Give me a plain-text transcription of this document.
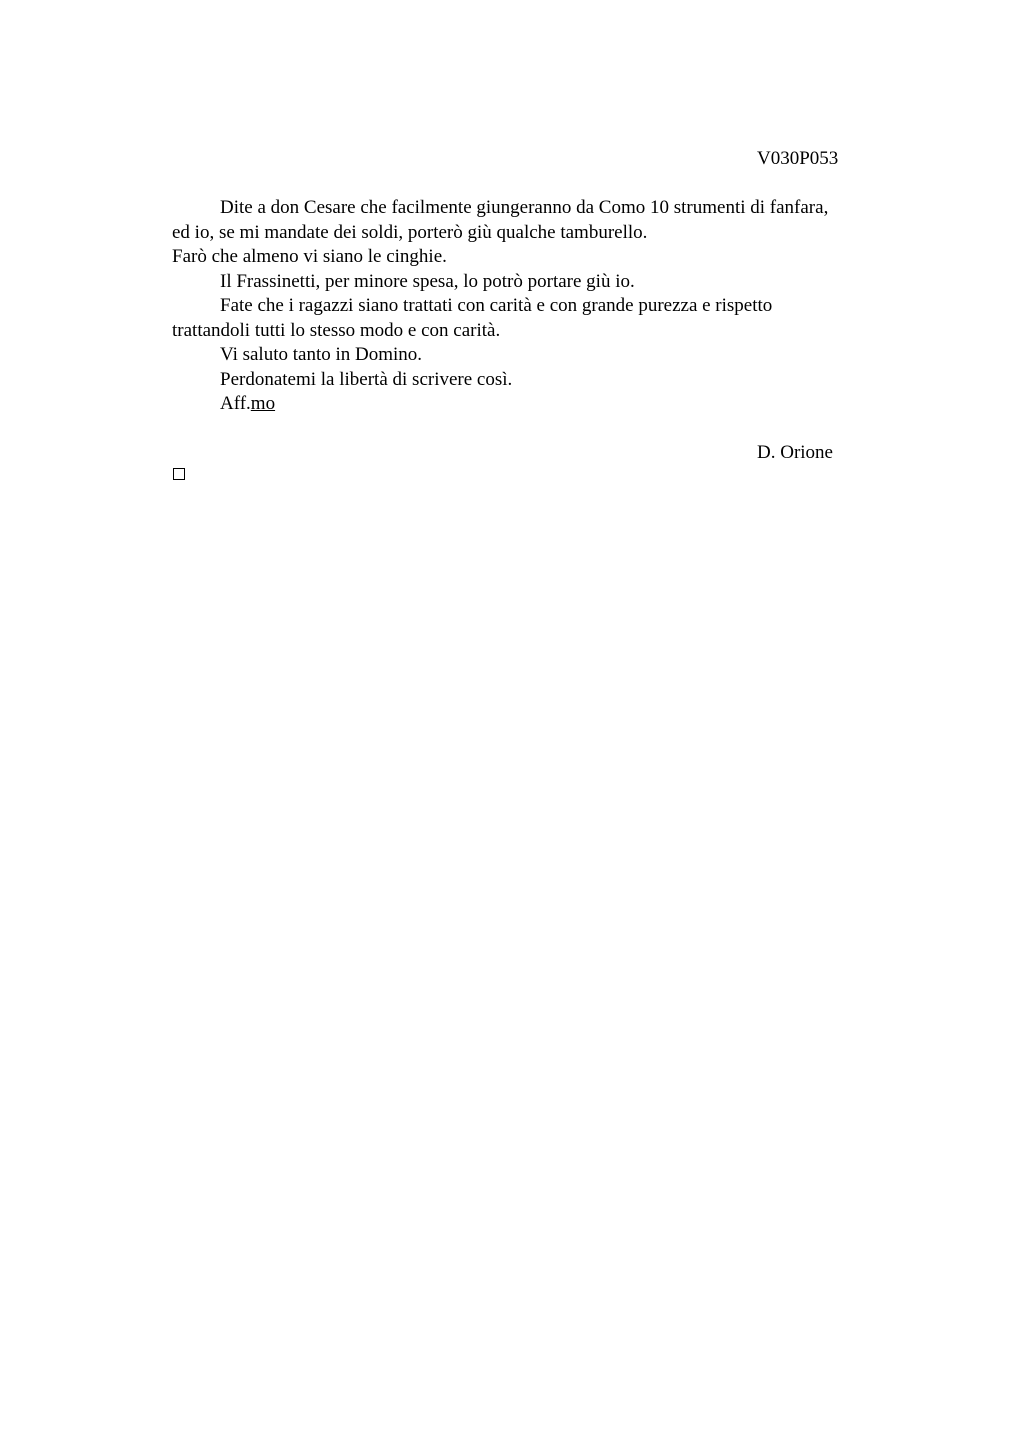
V030P053
Dite a don Cesare che facilmente giungeranno da Como 10 strumenti di fanfara,
ed io, se mi mandate dei soldi, porterò giù qualche tamburello.
Farò che almeno vi siano le cinghie.
Il Frassinetti, per minore spesa, lo potrò portare giù io.
Fate che i ragazzi siano trattati con carità e con grande purezza e rispetto
trattandoli tutti lo stesso modo e con carità.
Vi saluto tanto in Domino.
Perdonatemi la libertà di scrivere così.
Aff.mo
D. Orione
